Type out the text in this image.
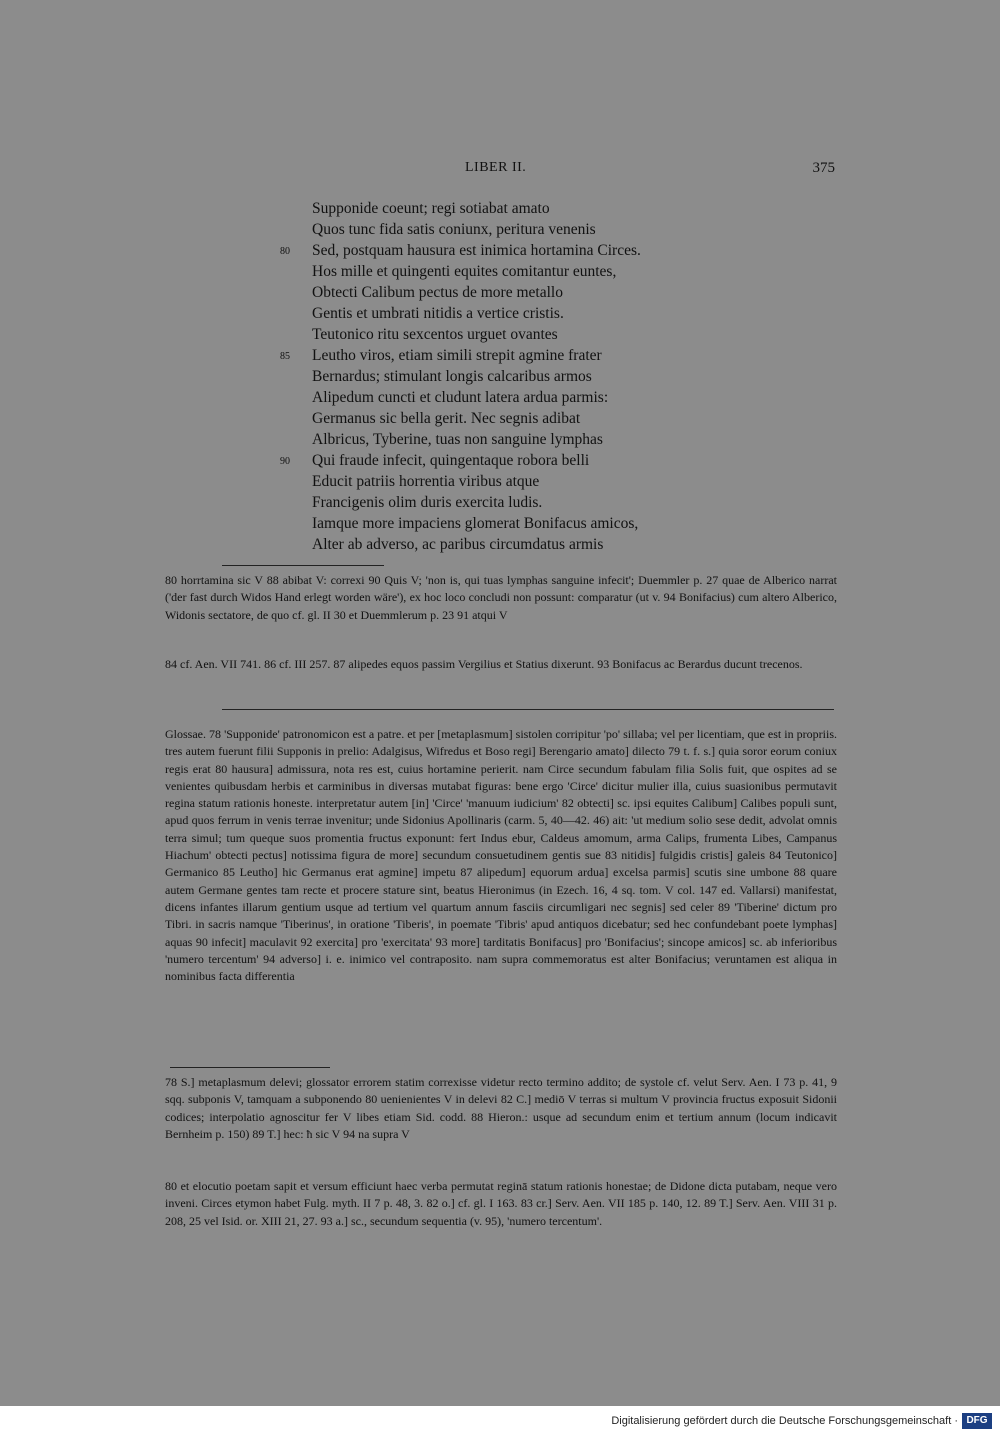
LIBER II.	375
Supponide coeunt; regi sotiabat amato
Quos tunc fida satis coniunx, peritura venenis
80	Sed, postquam hausura est inimica hortamina Circes.
Hos mille et quingenti equites comitantur euntes,
Obtecti Calibum pectus de more metallo
Gentis et umbrati nitidis a vertice cristis.
Teutonico ritu sexcentos urguet ovantes
85	Leutho viros, etiam simili strepit agmine frater
Bernardus; stimulant longis calcaribus armos
Alipedum cuncti et cludunt latera ardua parmis:
Germanus sic bella gerit. Nec segnis adibat
Albricus, Tyberine, tuas non sanguine lymphas
90	Qui fraude infecit, quingentaque robora belli
Educit patriis horrentia viribus atque
Francigenis olim duris exercita ludis.
Iamque more impaciens glomerat Bonifacus amicos,
Alter ab adverso, ac paribus circumdatus armis

80 horrtamina sic V 88 abibat V: correxi 90 Quis V; 'non is, qui tuas lymphas sanguine infecit'; Duemmler p. 27 quae de Alberico narrat ('der fast durch Widos Hand erlegt worden wäre'), ex hoc loco concludi non possunt: comparatur (ut v. 94 Bonifacius) cum altero Alberico, Widonis sectatore, de quo cf. gl. II 30 et Duemmlerum p. 23 91 atqui V

84 cf. Aen. VII 741. 86 cf. III 257. 87 alipedes equos passim Vergilius et Statius dixerunt. 93 Bonifacus ac Berardus ducunt trecenos.

Glossae. 78 'Supponide' patronomicon est a patre. et per [metaplasmum] sistolen corripitur 'po' sillaba; vel per licentiam, que est in propriis. tres autem fuerunt filii Supponis in prelio: Adalgisus, Wifredus et Boso regi] Berengario amato] dilecto 79 t. f. s.] quia soror eorum coniux regis erat 80 hausura] admissura, nota res est, cuius hortamine perierit. nam Circe secundum fabulam filia Solis fuit, que ospites ad se venientes quibusdam herbis et carminibus in diversas mutabat figuras: bene ergo 'Circe' dicitur mulier illa, cuius suasionibus permutavit regina statum rationis honeste. interpretatur autem [in] 'Circe' 'manuum iudicium' 82 obtecti] sc. ipsi equites Calibum] Calibes populi sunt, apud quos ferrum in venis terrae invenitur; unde Sidonius Apollinaris (carm. 5, 40—42. 46) ait: 'ut medium solio sese dedit, advolat omnis terra simul; tum queque suos promentia fructus exponunt: fert Indus ebur, Caldeus amomum, arma Calips, frumenta Libes, Campanus Hiachum' obtecti pectus] notissima figura de more] secundum consuetudinem gentis sue 83 nitidis] fulgidis cristis] galeis 84 Teutonico] Germanico 85 Leutho] hic Germanus erat agmine] impetu 87 alipedum] equorum ardua] excelsa parmis] scutis sine umbone 88 quare autem Germane gentes tam recte et procere stature sint, beatus Hieronimus (in Ezech. 16, 4 sq. tom. V col. 147 ed. Vallarsi) manifestat, dicens infantes illarum gentium usque ad tertium vel quartum annum fasciis circumligari nec segnis] sed celer 89 'Tiberine' dictum pro Tibri. in sacris namque 'Tiberinus', in oratione 'Tiberis', in poemate 'Tibris' apud antiquos dicebatur; sed hec confundebant poete lymphas] aquas 90 infecit] maculavit 92 exercita] pro 'exercitata' 93 more] tarditatis Bonifacus] pro 'Bonifacius'; sincope amicos] sc. ab inferioribus 'numero tercentum' 94 adverso] i. e. inimico vel contraposito. nam supra commemoratus est alter Bonifacius; veruntamen est aliqua in nominibus facta differentia

78 S.] metaplasmum delevi; glossator errorem statim correxisse videtur recto termino addito; de systole cf. velut Serv. Aen. I 73 p. 41, 9 sqq. subponis V, tamquam a subponendo 80 uenienientes V in delevi 82 C.] mediō V terras si multum V provincia fructus exposuit Sidonii codices; interpolatio agnoscitur fer V libes etiam Sid. codd. 88 Hieron.: usque ad secundum enim et tertium annum (locum indicavit Bernheim p. 150) 89 T.] hec: ħ sic V 94 na supra V

80 et elocutio poetam sapit et versum efficiunt haec verba permutat reginā statum rationis honestae; de Didone dicta putabam, neque vero inveni. Circes etymon habet Fulg. myth. II 7 p. 48, 3. 82 o.] cf. gl. I 163. 83 cr.] Serv. Aen. VII 185 p. 140, 12. 89 T.] Serv. Aen. VIII 31 p. 208, 25 vel Isid. or. XIII 21, 27. 93 a.] sc., secundum sequentia (v. 95), 'numero tercentum'.

Digitalisierung gefördert durch die Deutsche Forschungsgemeinschaft · DFG
